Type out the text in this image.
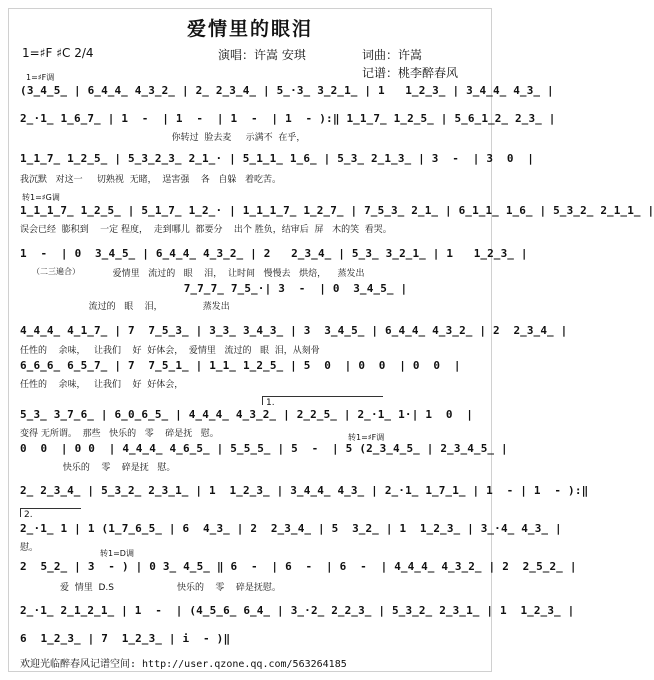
爱情里的眼泪
1=♯F ♯C 2/4	演唱：许嵩 安琪	词曲：许嵩
记谱：桃李醉春风
1=♯F调
(3̲4̲5̲ | 6̲4̲4̲ 4̲3̲2̲ | 2̲ 2̲3̲4̲ | 5̲·3̲ 3̲2̲1̲ | 1   1̲2̲3̲ | 3̲4̲4̲ 4̲3̲ |
2̲·1̲ 1̲6̲7̲ | 1  -  | 1  -  | 1  -  | 1  - ):‖ 1̲1̲7̲ 1̲2̲5̲ | 5̲6̲1̲2̲ 2̲3̲ |
你转过  脸去麦     示满不  在乎，
1̲1̲7̲ 1̲2̲5̲ | 5̲3̲2̲3̲ 2̲1̲· | 5̲1̲1̲ 1̲6̲ | 5̲3̲ 2̲1̲3̲ | 3  -  | 3  0  |
我沉默   对这一     切熟视  无睹，  逞害强    各   自躲   着吃苦。
转1=♯G调
1̲1̲1̲7̲ 1̲2̲5̲ | 5̲1̲7̲ 1̲2̲· | 1̲1̲1̲7̲ 1̲2̲7̲ | 7̲5̲3̲ 2̲1̲ | 6̲1̲1̲ 1̲6̲ | 5̲3̲2̲ 2̲1̲1̲ |
误会已经  膨积到    一定 程度，  走到哪儿  都要分    出个 胜负，结审后  屏   木的笑  看哭。
1  -  | 0  3̲4̲5̲ | 6̲4̲4̲ 4̲3̲2̲ | 2   2̲3̲4̲ | 5̲3̲ 3̲2̲1̲ | 1   1̲2̲3̲ |
（二三遍合） 爱情里   流过的   眼    泪，  让时间   慢慢去   烘焙，    蒸发出
7̲7̲7̲ 7̲5̲·| 3  -  | 0  3̲4̲5̲ |
流过的   眼    泪，              蒸发出
4̲4̲4̲ 4̲1̲7̲ | 7  7̲5̲3̲ | 3̲3̲ 3̲4̲3̲ | 3  3̲4̲5̲ | 6̲4̲4̲ 4̲3̲2̲ | 2  2̲3̲4̲ |
任性的    余味，   让我们    好  好体会，  爱情里   流过的   眼  泪，从刻骨
6̲6̲6̲ 6̲5̲7̲ | 7  7̲5̲1̲ | 1̲1̲ 1̲2̲5̲ | 5  0  | 0  0  | 0  0  |
任性的    余味，   让我们    好  好体会，
1.
5̲3̲ 3̲7̲6̲ | 6̲0̲6̲5̲ | 4̲4̲4̲ 4̲3̲2̲ | 2̲2̲5̲ | 2̲·1̲ 1·| 1  0  |
变得 无所谓。  那些   快乐的   零    碎是抚   慰。	转1=♯F调
0  0  | 0 0  | 4̲4̲4̲ 4̲6̲5̲ | 5̲5̲5̲ | 5  -  | 5 (2̲3̲4̲5̲ | 2̲3̲4̲5̲ |
快乐的    零    碎是抚   慰。
2̲ 2̲3̲4̲ | 5̲3̲2̲ 2̲3̲1̲ | 1  1̲2̲3̲ | 3̲4̲4̲ 4̲3̲ | 2̲·1̲ 1̲7̲1̲ | 1  - | 1  - ):‖
2.
2̲·1̲ 1 | 1 (1̲7̲6̲5̲ | 6  4̲3̲ | 2  2̲3̲4̲ | 5  3̲2̲ | 1  1̲2̲3̲ | 3̲·4̲ 4̲3̲ |
慰。
转1=D调
2  5̲2̲ | 3  - ) | 0 3̲ 4̲5̲ ‖ 6  -  | 6  -  | 6  -  | 4̲4̲4̲ 4̲3̲2̲ | 2  2̲5̲2̲ |
爱  情里  D.S                      快乐的    零    碎是抚慰。
2̲·1̲ 2̲1̲2̲1̲ | 1  -  | (4̲5̲6̲ 6̲4̲ | 3̲·2̲ 2̲2̲3̲ | 5̲3̲2̲ 2̲3̲1̲ | 1  1̲2̲3̲ |
6  1̲2̲3̲ | 7  1̲2̲3̲ | i  - )‖
欢迎光临醉春风记谱空间: http://user.qzone.qq.com/563264185
